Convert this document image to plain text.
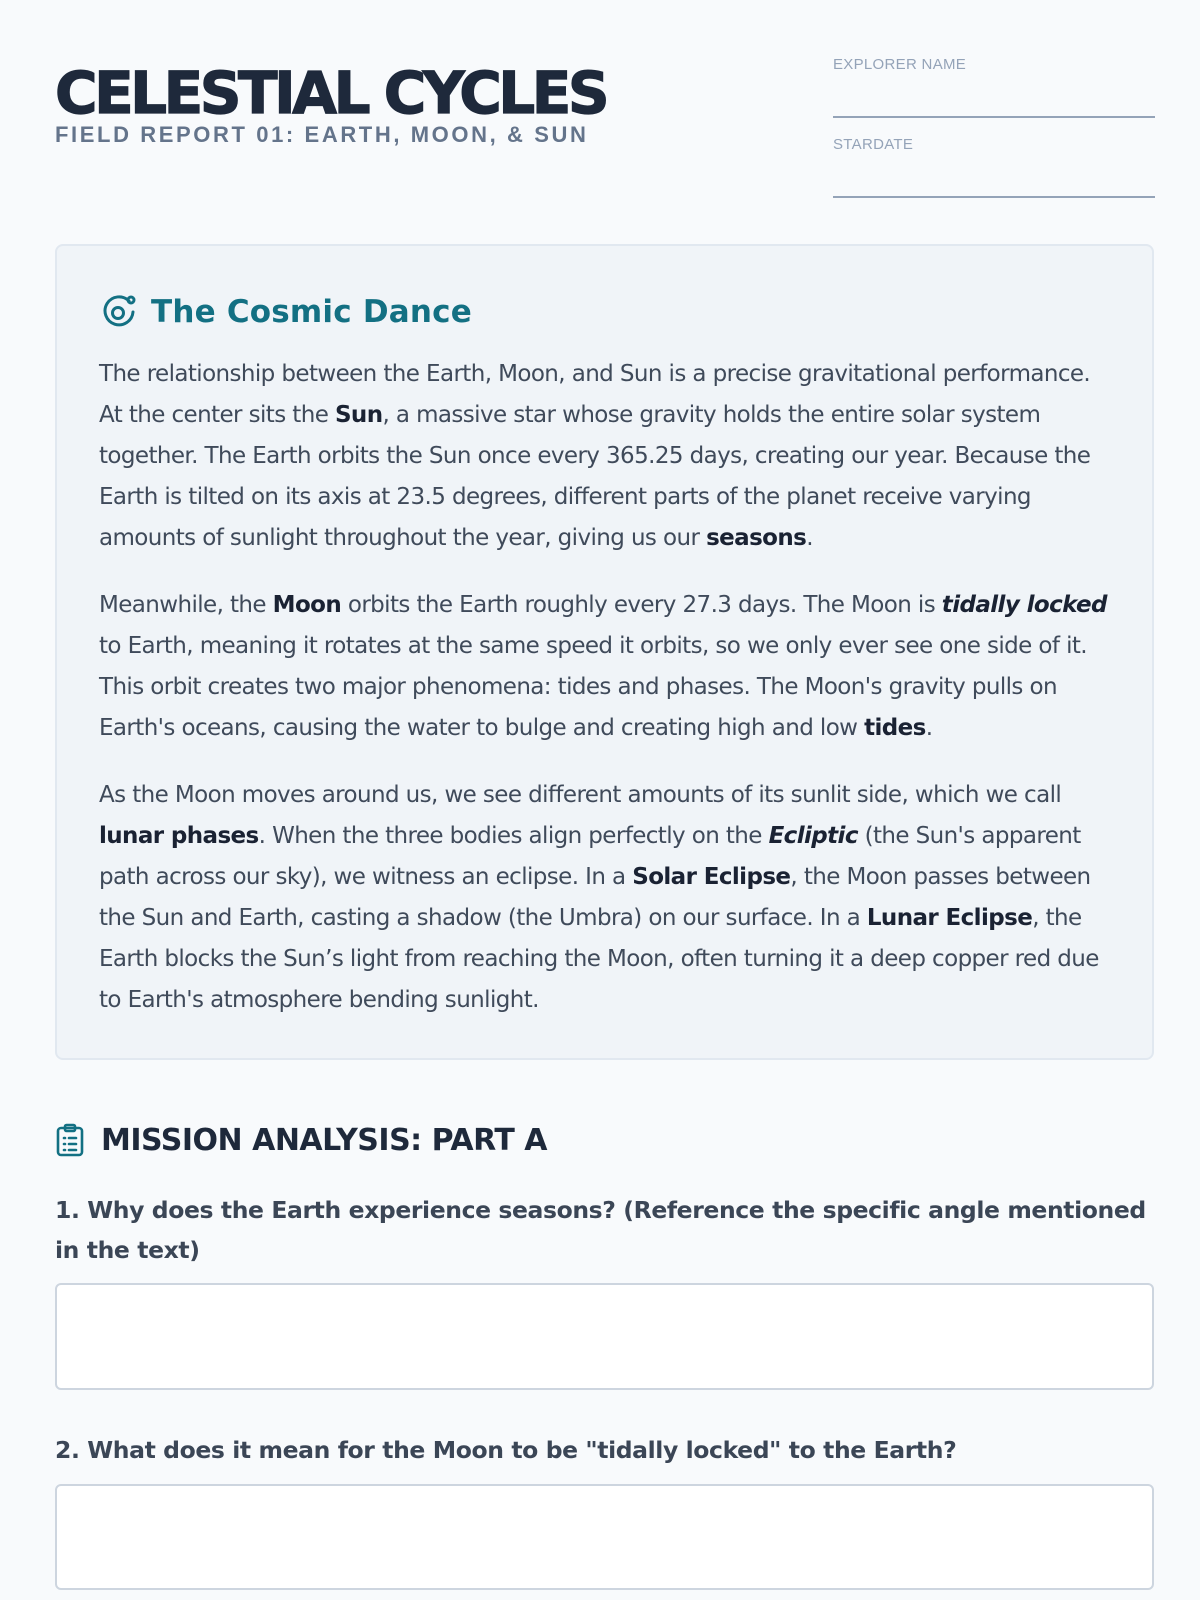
CELESTIAL CYCLES
FIELD REPORT 01: EARTH, MOON, & SUN
EXPLORER NAME
STARDATE
The Cosmic Dance

The relationship between the Earth, Moon, and Sun is a precise gravitational performance. At the center sits the Sun, a massive star whose gravity holds the entire solar system together. The Earth orbits the Sun once every 365.25 days, creating our year. Because the Earth is tilted on its axis at 23.5 degrees, different parts of the planet receive varying amounts of sunlight throughout the year, giving us our seasons.

Meanwhile, the Moon orbits the Earth roughly every 27.3 days. The Moon is tidally locked to Earth, meaning it rotates at the same speed it orbits, so we only ever see one side of it. This orbit creates two major phenomena: tides and phases. The Moon's gravity pulls on Earth's oceans, causing the water to bulge and creating high and low tides.

As the Moon moves around us, we see different amounts of its sunlit side, which we call lunar phases. When the three bodies align perfectly on the Ecliptic (the Sun's apparent path across our sky), we witness an eclipse. In a Solar Eclipse, the Moon passes between the Sun and Earth, casting a shadow (the Umbra) on our surface. In a Lunar Eclipse, the Earth blocks the Sun’s light from reaching the Moon, often turning it a deep copper red due to Earth's atmosphere bending sunlight.

MISSION ANALYSIS: PART A
1. Why does the Earth experience seasons? (Reference the specific angle mentioned in the text)
2. What does it mean for the Moon to be "tidally locked" to the Earth?
